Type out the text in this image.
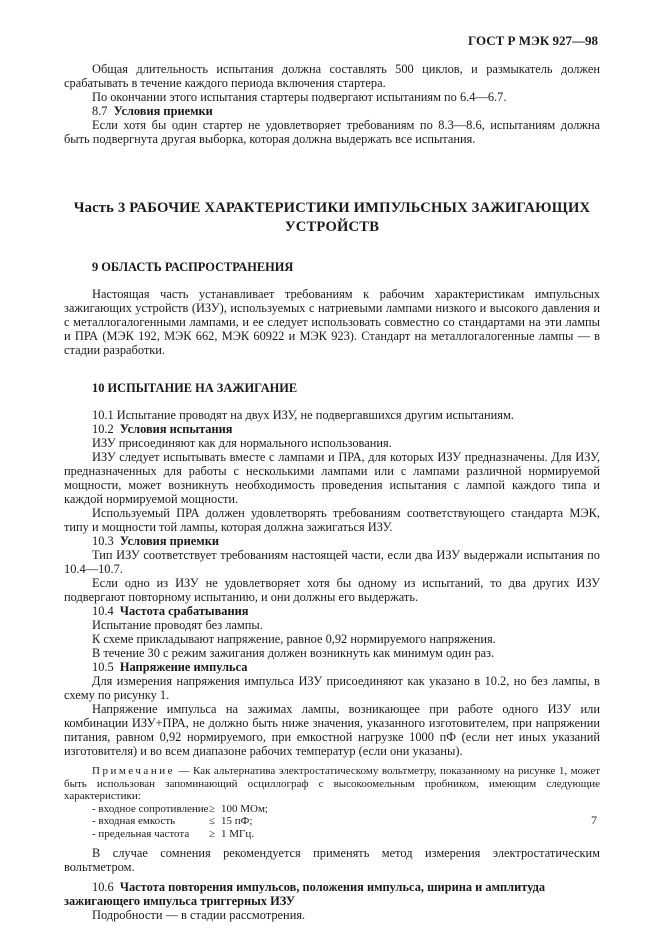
ГОСТ Р МЭК 927—98

Общая длительность испытания должна составлять 500 циклов, и размыкатель должен срабатывать в течение каждого периода включения стартера.

По окончании этого испытания стартеры подвергают испытаниям по 6.4—6.7.

8.7 Условия приемки

Если хотя бы один стартер не удовлетворяет требованиям по 8.3—8.6, испытаниям должна быть подвергнута другая выборка, которая должна выдержать все испытания.

Часть 3 РАБОЧИЕ ХАРАКТЕРИСТИКИ ИМПУЛЬСНЫХ ЗАЖИГАЮЩИХ
УСТРОЙСТВ
9 ОБЛАСТЬ РАСПРОСТРАНЕНИЯ

Настоящая часть устанавливает требованиям к рабочим характеристикам импульсных зажигающих устройств (ИЗУ), используемых с натриевыми лампами низкого и высокого давления и с металлогалогенными лампами, и ее следует использовать совместно со стандартами на эти лампы и ПРА (МЭК 192, МЭК 662, МЭК 60922 и МЭК 923). Стандарт на металлогалогенные лампы — в стадии разработки.

10 ИСПЫТАНИЕ НА ЗАЖИГАНИЕ

10.1 Испытание проводят на двух ИЗУ, не подвергавшихся другим испытаниям.

10.2 Условия испытания

ИЗУ присоединяют как для нормального использования.

ИЗУ следует испытывать вместе с лампами и ПРА, для которых ИЗУ предназначены. Для ИЗУ, предназначенных для работы с несколькими лампами или с лампами различной нормируемой мощности, может возникнуть необходимость проведения испытания с лампой каждого типа и каждой нормируемой мощности.

Используемый ПРА должен удовлетворять требованиям соответствующего стандарта МЭК, типу и мощности той лампы, которая должна зажигаться ИЗУ.

10.3 Условия приемки

Тип ИЗУ соответствует требованиям настоящей части, если два ИЗУ выдержали испытания по 10.4—10.7.

Если одно из ИЗУ не удовлетворяет хотя бы одному из испытаний, то два других ИЗУ подвергают повторному испытанию, и они должны его выдержать.

10.4 Частота срабатывания

Испытание проводят без лампы.

К схеме прикладывают напряжение, равное 0,92 нормируемого напряжения.

В течение 30 с режим зажигания должен возникнуть как минимум один раз.

10.5 Напряжение импульса

Для измерения напряжения импульса ИЗУ присоединяют как указано в 10.2, но без лампы, в схему по рисунку 1.

Напряжение импульса на зажимах лампы, возникающее при работе одного ИЗУ или комбинации ИЗУ+ПРА, не должно быть ниже значения, указанного изготовителем, при напряжении питания, равном 0,92 нормируемого, при емкостной нагрузке 1000 пФ (если нет иных указаний изготовителя) и во всем диапазоне рабочих температур (если они указаны).

Примечание — Как альтернатива электростатическому вольтметру, показанному на рисунке 1, может быть использован запоминающий осциллограф с высокоомельным пробником, имеющим следующие характеристики:

- входное сопротивление≥ 100 МОм;
- входная емкость	≤ 15 пФ;
- предельная частота ≥ 1 МГц.

В случае сомнения рекомендуется применять метод измерения электростатическим вольтметром.

10.6 Частота повторения импульсов, положения импульса, ширина и амплитуда зажигающего импульса триггерных ИЗУ

Подробности — в стадии рассмотрения.

7
